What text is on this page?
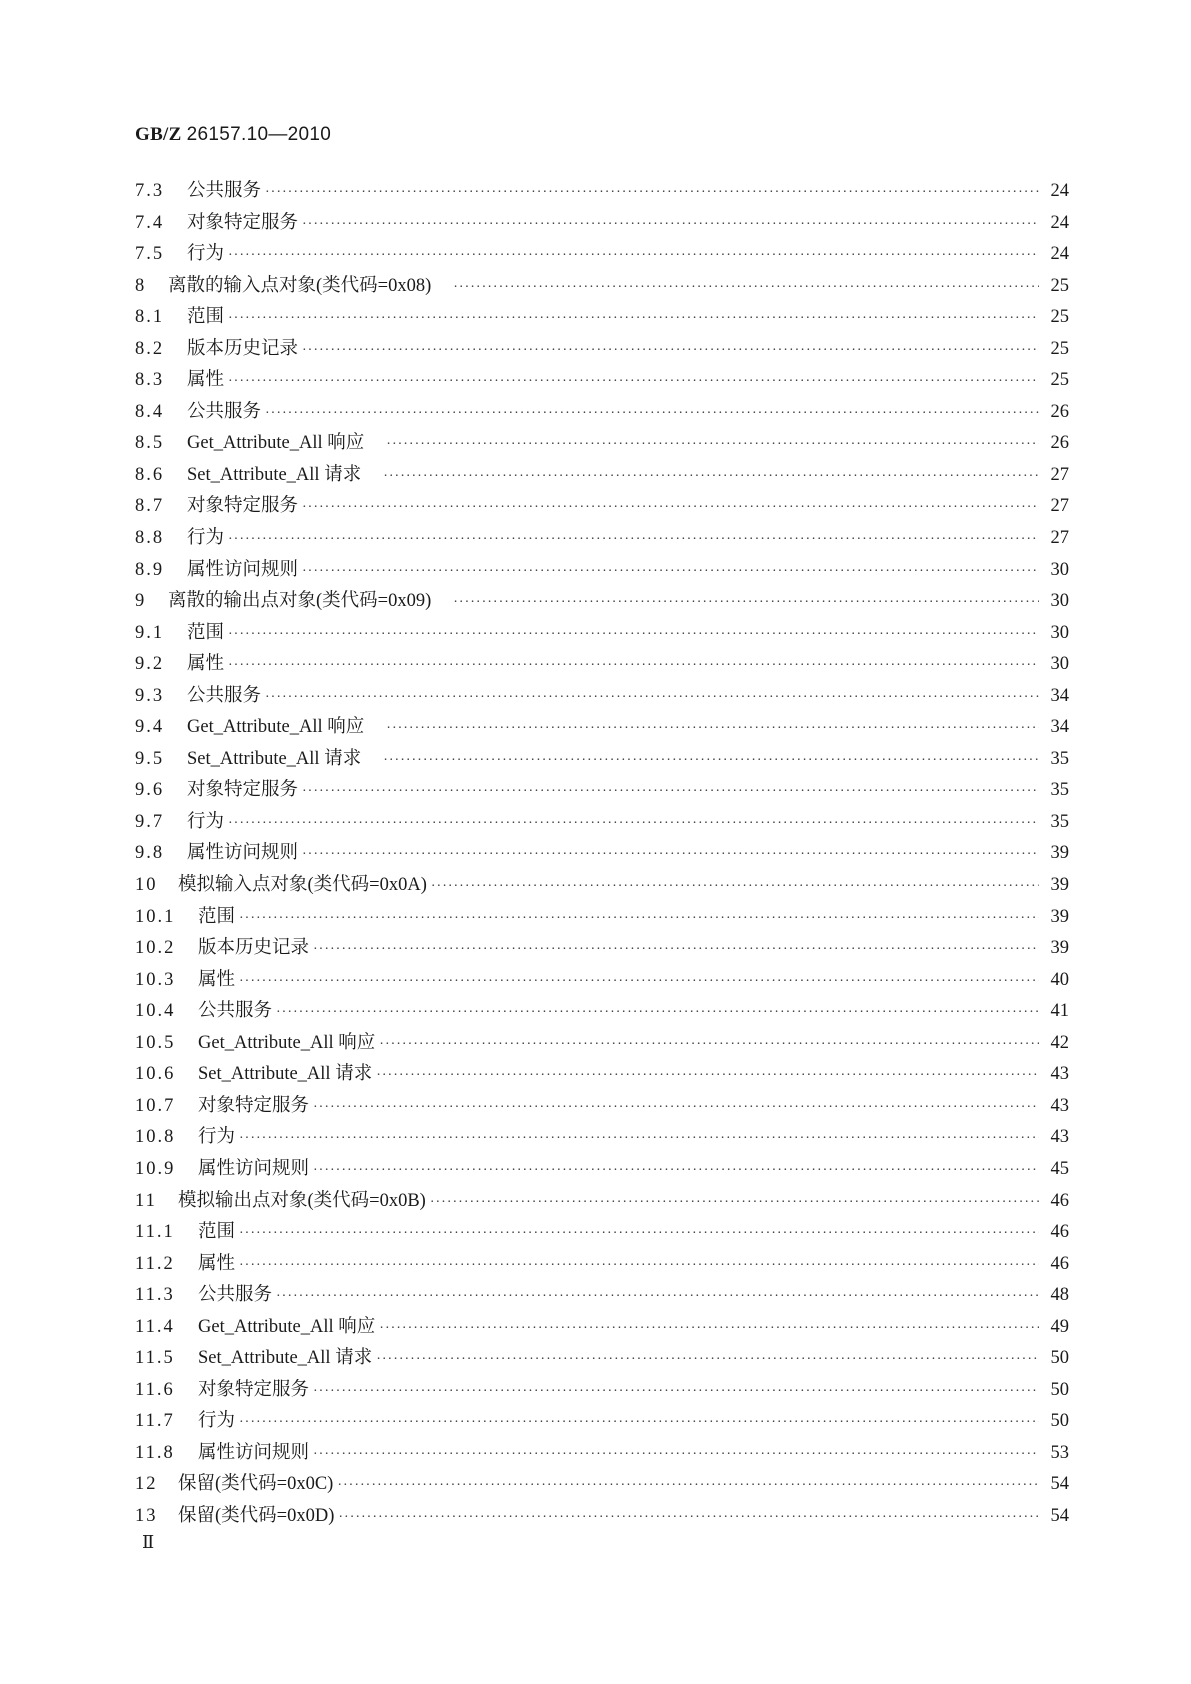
GB/Z 26157.10—2010
7.3	公共服务 ·····	24
7.4	对象特定服务 ·····	24
7.5	行为 ·····	24
8	离散的输入点对象(类代码=0x08) ·····	25
8.1	范围 ·····	25
8.2	版本历史记录 ·····	25
8.3	属性 ·····	25
8.4	公共服务 ·····	26
8.5	Get_Attribute_All 响应 ·····	26
8.6	Set_Attribute_All 请求 ·····	27
8.7	对象特定服务 ·····	27
8.8	行为 ·····	27
8.9	属性访问规则 ·····	30
9	离散的输出点对象(类代码=0x09) ·····	30
9.1	范围 ·····	30
9.2	属性 ·····	30
9.3	公共服务 ·····	34
9.4	Get_Attribute_All 响应 ·····	34
9.5	Set_Attribute_All 请求 ·····	35
9.6	对象特定服务 ·····	35
9.7	行为 ·····	35
9.8	属性访问规则 ·····	39
10	模拟输入点对象(类代码=0x0A) ·····	39
10.1	范围 ·····	39
10.2	版本历史记录 ·····	39
10.3	属性 ·····	40
10.4	公共服务 ·····	41
10.5	Get_Attribute_All 响应 ·····	42
10.6	Set_Attribute_All 请求 ·····	43
10.7	对象特定服务 ·····	43
10.8	行为 ·····	43
10.9	属性访问规则 ·····	45
11	模拟输出点对象(类代码=0x0B) ·····	46
11.1	范围 ·····	46
11.2	属性 ·····	46
11.3	公共服务 ·····	48
11.4	Get_Attribute_All 响应 ·····	49
11.5	Set_Attribute_All 请求 ·····	50
11.6	对象特定服务 ·····	50
11.7	行为 ·····	50
11.8	属性访问规则 ·····	53
12	保留(类代码=0x0C) ·····	54
13	保留(类代码=0x0D) ·····	54
Ⅱ
